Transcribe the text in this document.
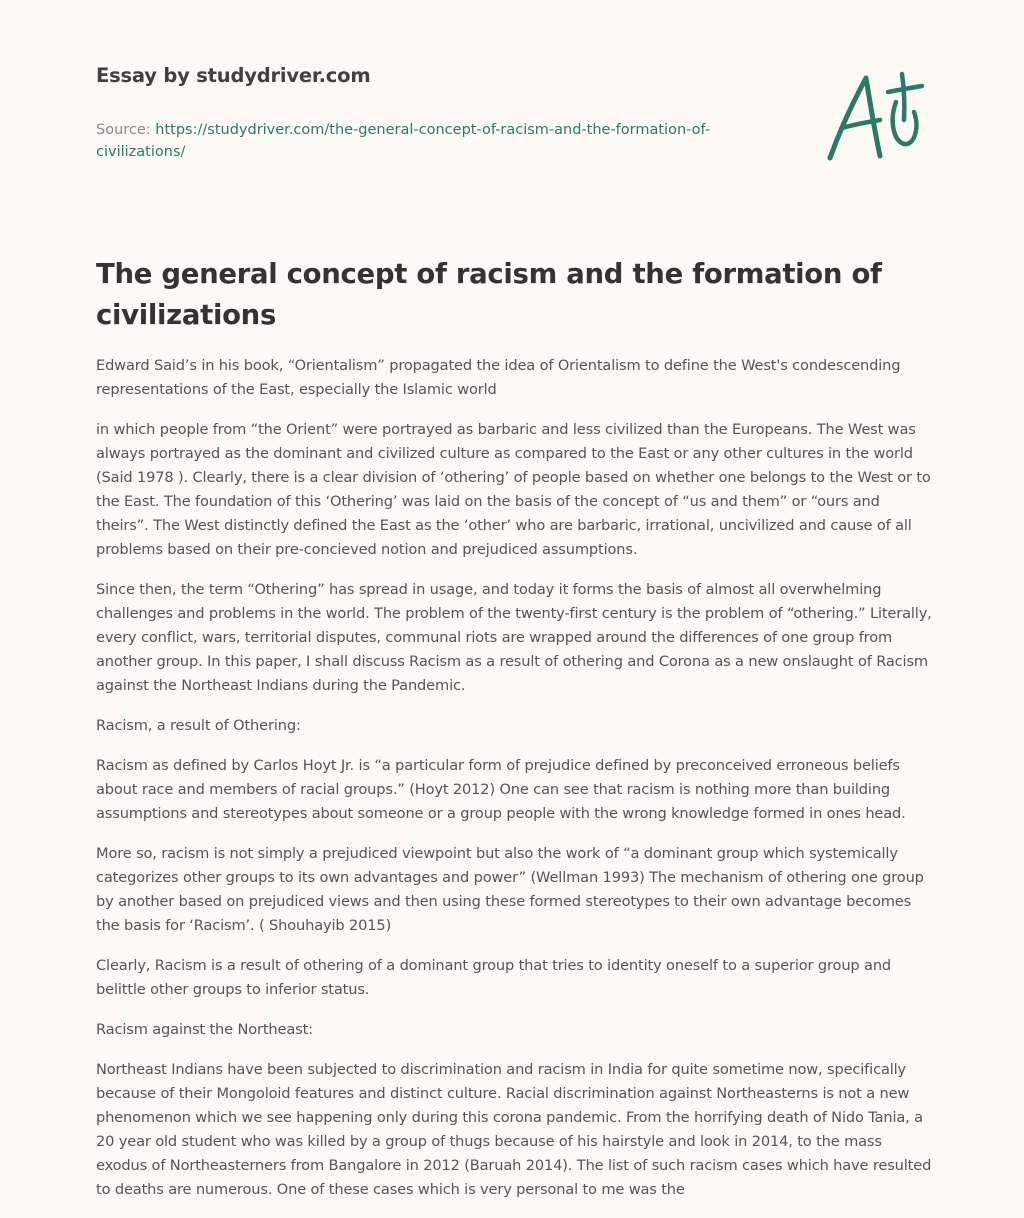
Essay by studydriver.com
Source: https://studydriver.com/the-general-concept-of-racism-and-the-formation-of-civilizations/
The general concept of racism and the formation of civilizations

Edward Said’s in his book, “Orientalism” propagated the idea of Orientalism to define the West's condescending representations of the East, especially the Islamic world

in which people from “the Orient” were portrayed as barbaric and less civilized than the Europeans. The West was always portrayed as the dominant and civilized culture as compared to the East or any other cultures in the world (Said 1978 ). Clearly, there is a clear division of ‘othering’ of people based on whether one belongs to the West or to the East. The foundation of this ‘Othering’ was laid on the basis of the concept of “us and them” or “ours and theirs”. The West distinctly defined the East as the ‘other’ who are barbaric, irrational, uncivilized and cause of all problems based on their pre-concieved notion and prejudiced assumptions.

Since then, the term “Othering” has spread in usage, and today it forms the basis of almost all overwhelming challenges and problems in the world. The problem of the twenty-first century is the problem of “othering.” Literally, every conflict, wars, territorial disputes, communal riots are wrapped around the differences of one group from another group. In this paper, I shall discuss Racism as a result of othering and Corona as a new onslaught of Racism against the Northeast Indians during the Pandemic.

Racism, a result of Othering:

Racism as defined by Carlos Hoyt Jr. is “a particular form of prejudice defined by preconceived erroneous beliefs about race and members of racial groups.” (Hoyt 2012) One can see that racism is nothing more than building assumptions and stereotypes about someone or a group people with the wrong knowledge formed in ones head.

More so, racism is not simply a prejudiced viewpoint but also the work of “a dominant group which systemically categorizes other groups to its own advantages and power” (Wellman 1993) The mechanism of othering one group by another based on prejudiced views and then using these formed stereotypes to their own advantage becomes the basis for ‘Racism’. ( Shouhayib 2015)

Clearly, Racism is a result of othering of a dominant group that tries to identity oneself to a superior group and belittle other groups to inferior status.

Racism against the Northeast:

Northeast Indians have been subjected to discrimination and racism in India for quite sometime now, specifically because of their Mongoloid features and distinct culture. Racial discrimination against Northeasterns is not a new phenomenon which we see happening only during this corona pandemic. From the horrifying death of Nido Tania, a 20 year old student who was killed by a group of thugs because of his hairstyle and look in 2014, to the mass exodus of Northeasterners from Bangalore in 2012 (Baruah 2014). The list of such racism cases which have resulted to deaths are numerous. One of these cases which is very personal to me was the
